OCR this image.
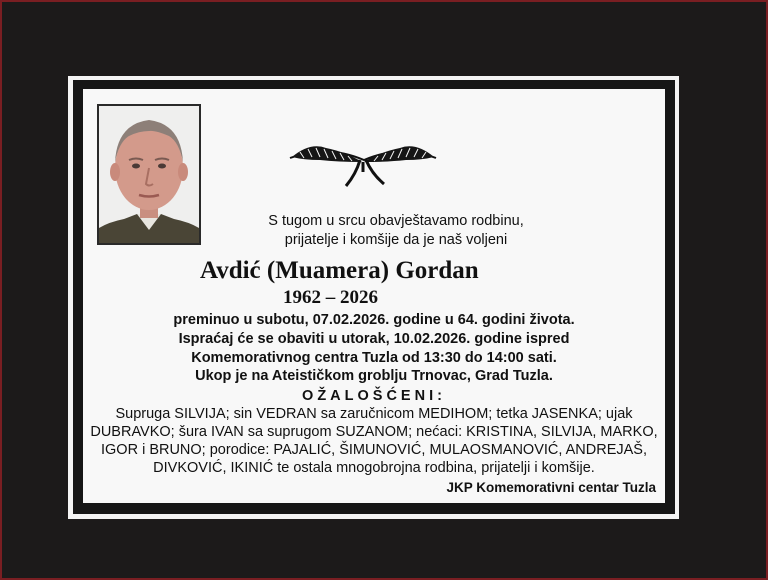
S tugom u srcu obavještavamo rodbinu,
prijatelje i komšije da je naš voljeni
Avdić (Muamera) Gordan
1962 – 2026
preminuo u subotu, 07.02.2026. godine u 64. godini života.
Ispraćaj će se obaviti u utorak, 10.02.2026. godine ispred
Komemorativnog centra Tuzla od 13:30 do 14:00 sati.
Ukop je na Ateističkom groblju Trnovac, Grad Tuzla.
OŽALOŠĆENI:
Supruga SILVIJA; sin VEDRAN sa zaručnicom MEDIHOM; tetka JASENKA; ujak
DUBRAVKO; šura IVAN sa suprugom SUZANOM; nećaci: KRISTINA, SILVIJA, MARKO,
IGOR i BRUNO; porodice: PAJALIĆ, ŠIMUNOVIĆ, MULAOSMANOVIĆ, ANDREJAŠ,
DIVKOVIĆ, IKINIĆ te ostala mnogobrojna rodbina, prijatelji i komšije.
JKP Komemorativni centar Tuzla
